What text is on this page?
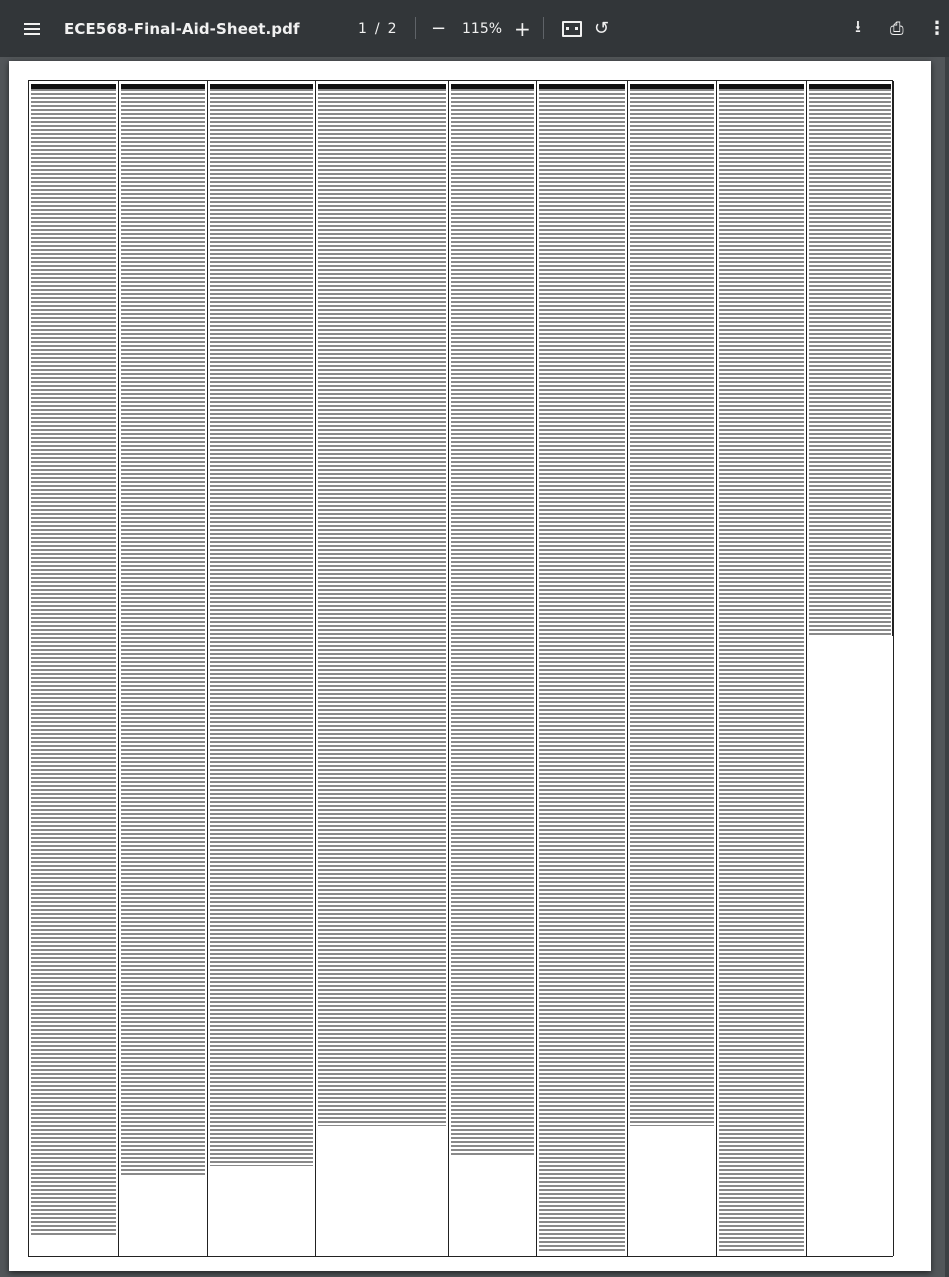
ECE568-Final-Aid-Sheet.pdf	1 / 2 − 115% +	↺	⭳ ⎙ ⋮
